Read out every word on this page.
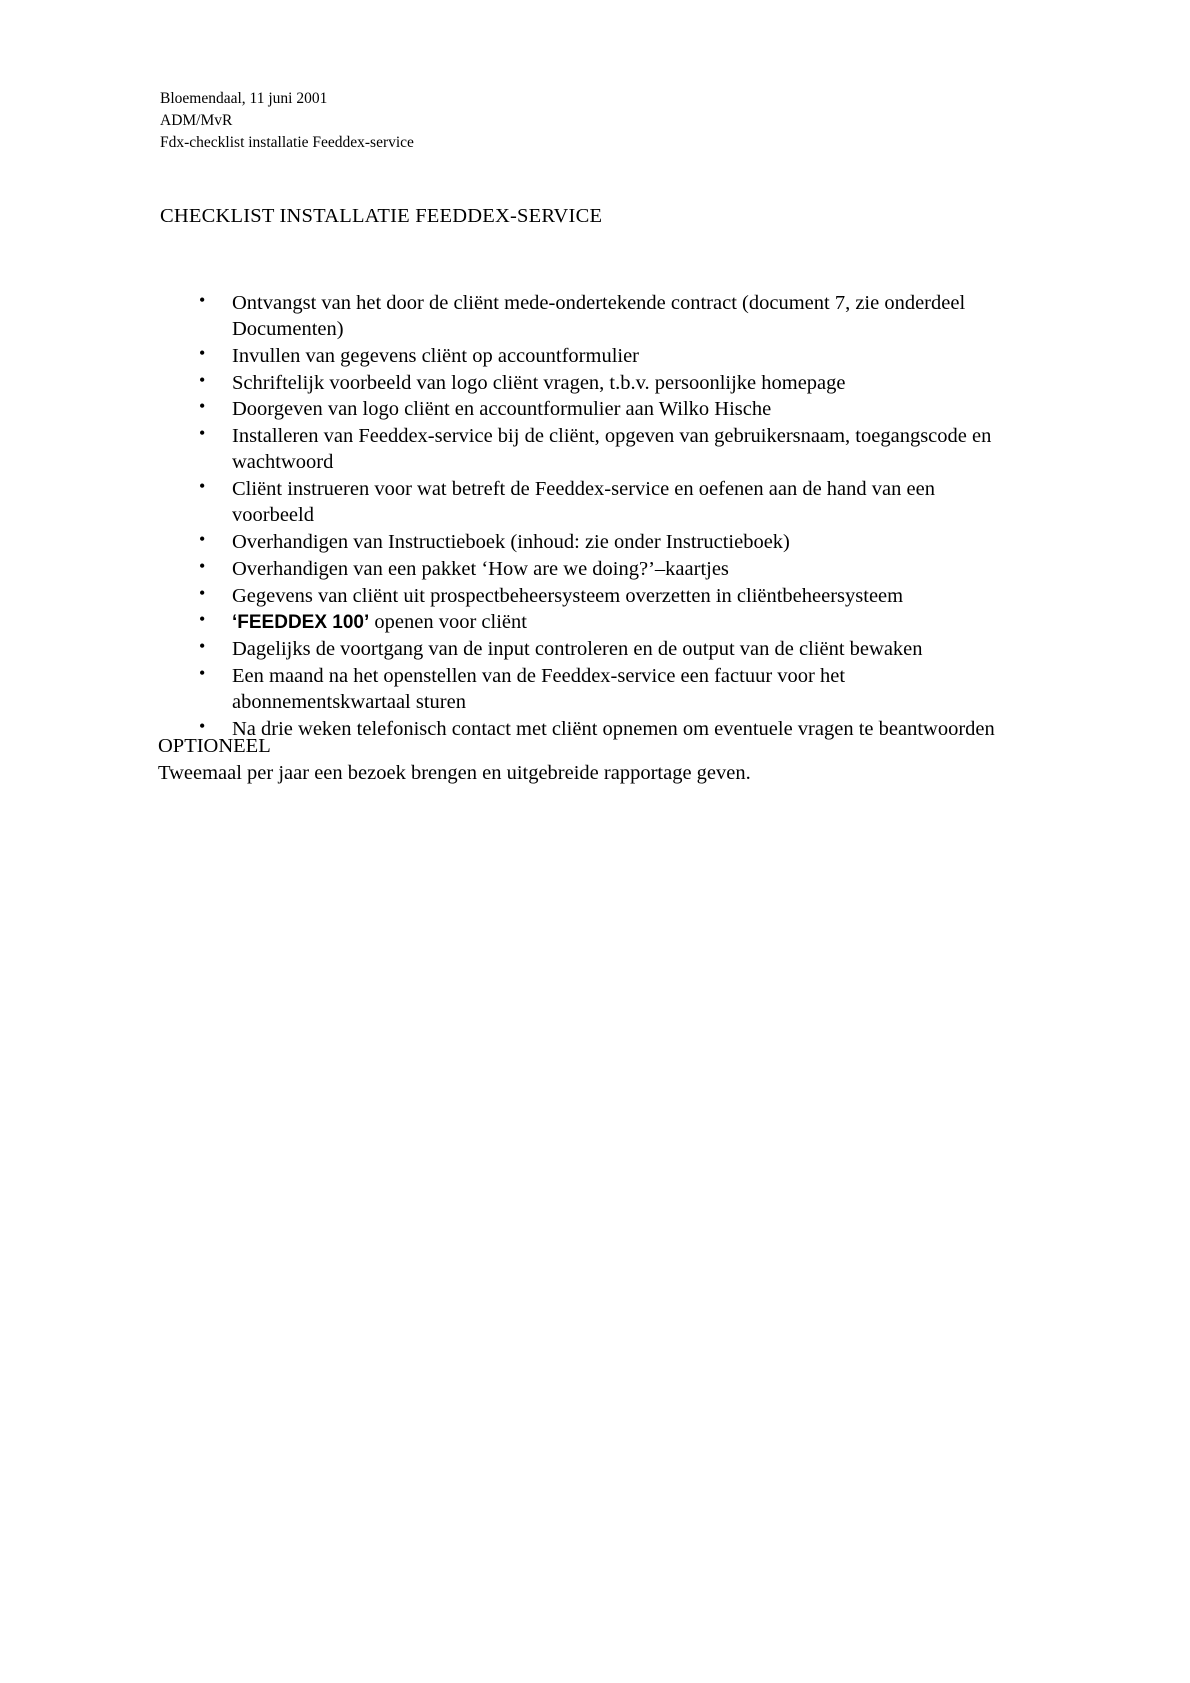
Bloemendaal, 11 juni 2001
ADM/MvR
Fdx-checklist installatie Feeddex-service
CHECKLIST INSTALLATIE FEEDDEX-SERVICE
• Ontvangst van het door de cliënt mede-ondertekende contract (document 7, zie onderdeel Documenten)
• Invullen van gegevens cliënt op accountformulier
• Schriftelijk voorbeeld van logo cliënt vragen, t.b.v. persoonlijke homepage
• Doorgeven van logo cliënt en accountformulier aan Wilko Hische
• Installeren van Feeddex-service bij de cliënt, opgeven van gebruikersnaam, toegangscode en wachtwoord
• Cliënt instrueren voor wat betreft de Feeddex-service en oefenen aan de hand van een voorbeeld
• Overhandigen van Instructieboek (inhoud: zie onder Instructieboek)
• Overhandigen van een pakket ‘How are we doing?’–kaartjes
• Gegevens van cliënt uit prospectbeheersysteem overzetten in cliëntbeheersysteem
• ‘FEEDDEX 100’ openen voor cliënt
• Dagelijks de voortgang van de input controleren en de output van de cliënt bewaken
• Een maand na het openstellen van de Feeddex-service een factuur voor het abonnementskwartaal sturen
• Na drie weken telefonisch contact met cliënt opnemen om eventuele vragen te beantwoorden
OPTIONEEL
Tweemaal per jaar een bezoek brengen en uitgebreide rapportage geven.
